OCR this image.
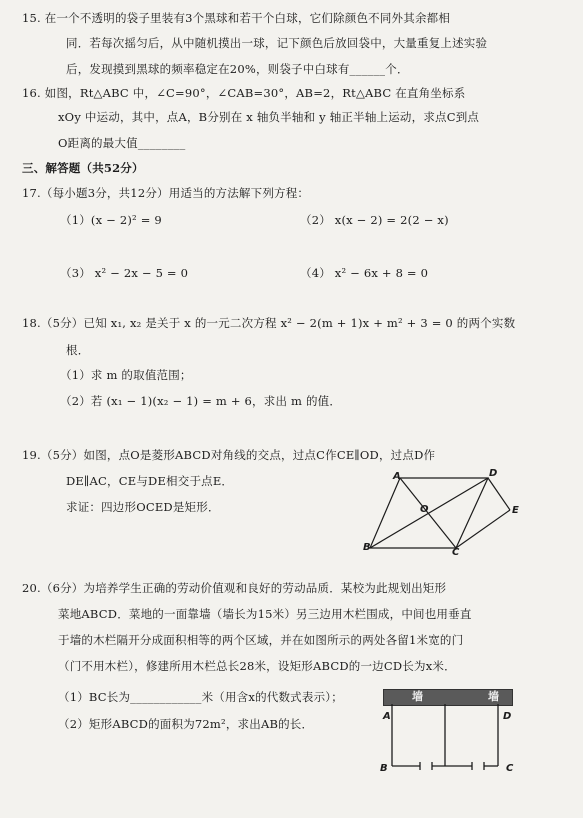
15. 在一个不透明的袋子里装有3个黑球和若干个白球，它们除颜色不同外其余都相
同．若每次摇匀后，从中随机摸出一球，记下颜色后放回袋中，大量重复上述实验
后，发现摸到黑球的频率稳定在20%，则袋子中白球有______个．
16. 如图，Rt△ABC 中，∠C=90°，∠CAB=30°，AB=2，Rt△ABC 在直角坐标系
xOy 中运动，其中，点A，B分别在 x 轴负半轴和 y 轴正半轴上运动，求点C到点
O距离的最大值________
三、解答题（共52分）
17.（每小题3分，共12分）用适当的方法解下列方程：
（1）(x − 2)² = 9	（2） x(x − 2) = 2(2 − x)
（3） x² − 2x − 5 = 0	（4） x² − 6x + 8 = 0
18.（5分）已知 x₁, x₂ 是关于 x 的一元二次方程 x² − 2(m + 1)x + m² + 3 = 0 的两个实数
根．
（1）求 m 的取值范围；
（2）若 (x₁ − 1)(x₂ − 1) = m + 6，求出 m 的值．
19.（5分）如图，点O是菱形ABCD对角线的交点，过点C作CE∥OD，过点D作
DE∥AC，CE与DE相交于点E．
求证：四边形OCED是矩形．
A	D
O	E
B	C
20.（6分）为培养学生正确的劳动价值观和良好的劳动品质．某校为此规划出矩形
菜地ABCD．菜地的一面靠墙（墙长为15米）另三边用木栏围成，中间也用垂直
于墙的木栏隔开分成面积相等的两个区域，并在如图所示的两处各留1米宽的门
（门不用木栏），修建所用木栏总长28米，设矩形ABCD的一边CD长为x米．
（1）BC长为____________米（用含x的代数式表示）；
（2）矩形ABCD的面积为72m²，求出AB的长．
墙	墙
A	D
B	C
